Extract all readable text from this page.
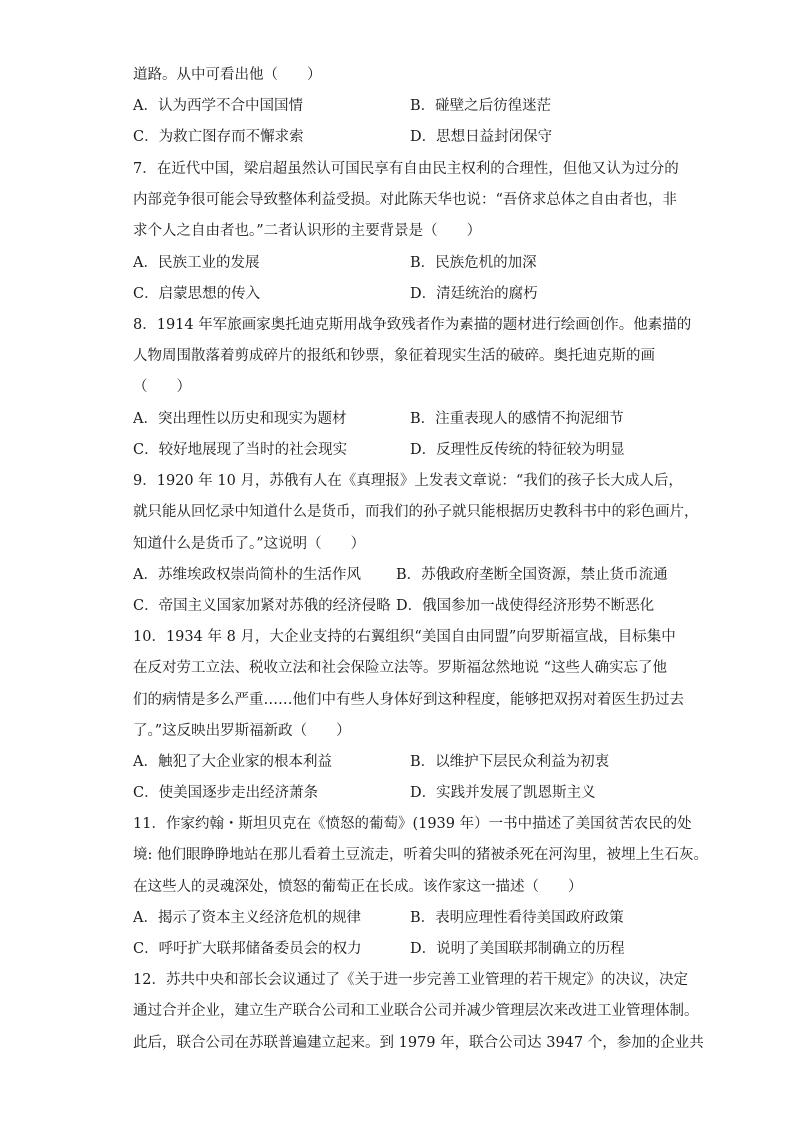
道路。从中可看出他（　　）
A．认为西学不合中国国情	B．碰壁之后彷徨迷茫
C．为救亡图存而不懈求索	D．思想日益封闭保守
7．在近代中国，梁启超虽然认可国民享有自由民主权利的合理性，但他又认为过分的
内部竞争很可能会导致整体利益受损。对此陈天华也说：“吾侪求总体之自由者也，非
求个人之自由者也。”二者认识形的主要背景是（　　）
A．民族工业的发展	B．民族危机的加深
C．启蒙思想的传入	D．清廷统治的腐朽
8．1914 年军旅画家奥托迪克斯用战争致残者作为素描的题材进行绘画创作。他素描的
人物周围散落着剪成碎片的报纸和钞票，象征着现实生活的破碎。奥托迪克斯的画
（　　）
A．突出理性以历史和现实为题材	B．注重表现人的感情不拘泥细节
C．较好地展现了当时的社会现实	D．反理性反传统的特征较为明显
9．1920 年 10 月，苏俄有人在《真理报》上发表文章说：“我们的孩子长大成人后，
就只能从回忆录中知道什么是货币，而我们的孙子就只能根据历史教科书中的彩色画片，
知道什么是货币了。”这说明（　　）
A．苏维埃政权崇尚简朴的生活作风 B．苏俄政府垄断全国资源，禁止货币流通
C．帝国主义国家加紧对苏俄的经济侵略 D．俄国参加一战使得经济形势不断恶化
10．1934 年 8 月，大企业支持的右翼组织“美国自由同盟”向罗斯福宣战，目标集中
在反对劳工立法、税收立法和社会保险立法等。罗斯福忿然地说 “这些人确实忘了他
们的病情是多么严重……他们中有些人身体好到这种程度，能够把双拐对着医生扔过去
了。”这反映出罗斯福新政（　　）
A．触犯了大企业家的根本利益	B．以维护下层民众利益为初衷
C．使美国逐步走出经济萧条	D．实践并发展了凯恩斯主义
11．作家约翰・斯坦贝克在《愤怒的葡萄》(1939 年）一书中描述了美国贫苦农民的处
境: 他们眼睁睁地站在那儿看着土豆流走，听着尖叫的猪被杀死在河沟里，被埋上生石灰。
在这些人的灵魂深处，愤怒的葡萄正在长成。该作家这一描述（　　）
A．揭示了资本主义经济危机的规律	B．表明应理性看待美国政府政策
C．呼吁扩大联邦储备委员会的权力	D．说明了美国联邦制确立的历程
12．苏共中央和部长会议通过了《关于进一步完善工业管理的若干规定》的决议，决定
通过合并企业，建立生产联合公司和工业联合公司并减少管理层次来改进工业管理体制。
此后，联合公司在苏联普遍建立起来。到 1979 年，联合公司达 3947 个，参加的企业共
